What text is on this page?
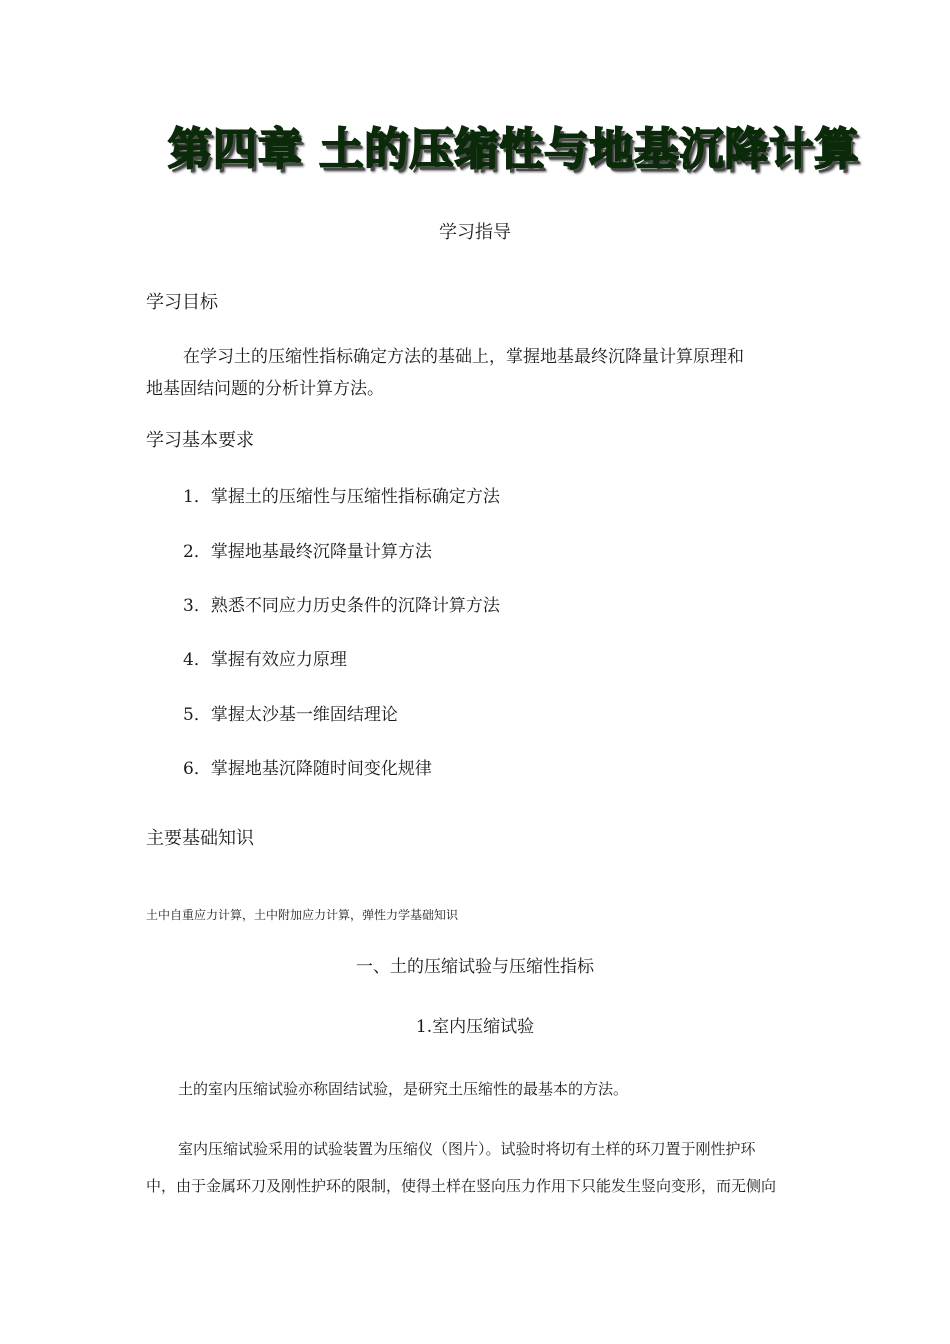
第四章 土的压缩性与地基沉降计算
学习指导
学习目标
在学习土的压缩性指标确定方法的基础上，掌握地基最终沉降量计算原理和
地基固结问题的分析计算方法。
学习基本要求
1．掌握土的压缩性与压缩性指标确定方法
2．掌握地基最终沉降量计算方法
3．熟悉不同应力历史条件的沉降计算方法
4．掌握有效应力原理
5．掌握太沙基一维固结理论
6．掌握地基沉降随时间变化规律
主要基础知识
土中自重应力计算，土中附加应力计算，弹性力学基础知识
一、土的压缩试验与压缩性指标
1.室内压缩试验
土的室内压缩试验亦称固结试验，是研究土压缩性的最基本的方法。
室内压缩试验采用的试验装置为压缩仪（图片）。试验时将切有土样的环刀置于刚性护环
中，由于金属环刀及刚性护环的限制，使得土样在竖向压力作用下只能发生竖向变形，而无侧向
